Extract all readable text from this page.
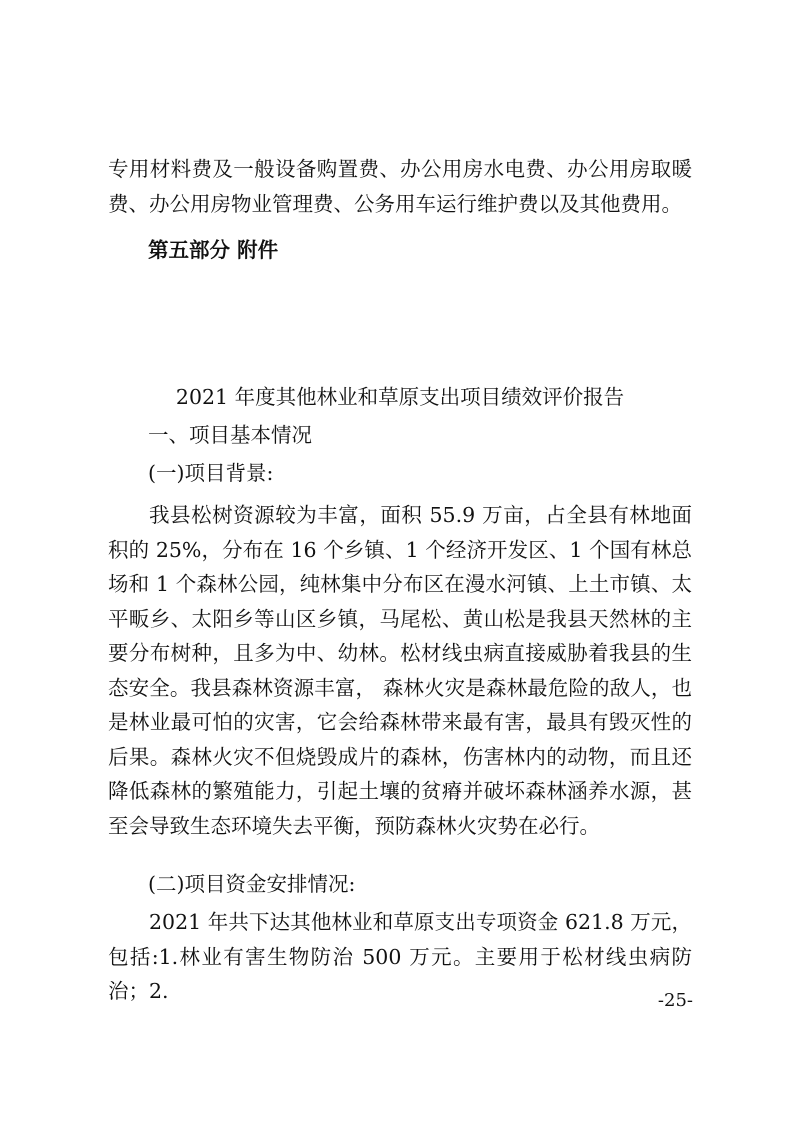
专用材料费及一般设备购置费、办公用房水电费、办公用房取暖费、办公用房物业管理费、公务用车运行维护费以及其他费用。

第五部分 附件

2021 年度其他林业和草原支出项目绩效评价报告

一、项目基本情况

(一)项目背景:

我县松树资源较为丰富，面积 55.9 万亩，占全县有林地面积的 25%，分布在 16 个乡镇、1 个经济开发区、1 个国有林总场和 1 个森林公园，纯林集中分布区在漫水河镇、上土市镇、太平畈乡、太阳乡等山区乡镇，马尾松、黄山松是我县天然林的主要分布树种，且多为中、幼林。松材线虫病直接威胁着我县的生态安全。我县森林资源丰富， 森林火灾是森林最危险的敌人，也是林业最可怕的灾害，它会给森林带来最有害，最具有毁灭性的后果。森林火灾不但烧毁成片的森林，伤害林内的动物，而且还降低森林的繁殖能力，引起土壤的贫瘠并破坏森林涵养水源，甚至会导致生态环境失去平衡，预防森林火灾势在必行。

(二)项目资金安排情况:

2021 年共下达其他林业和草原支出专项资金 621.8 万元，包括:1.林业有害生物防治 500 万元。主要用于松材线虫病防治；2.	-25-
